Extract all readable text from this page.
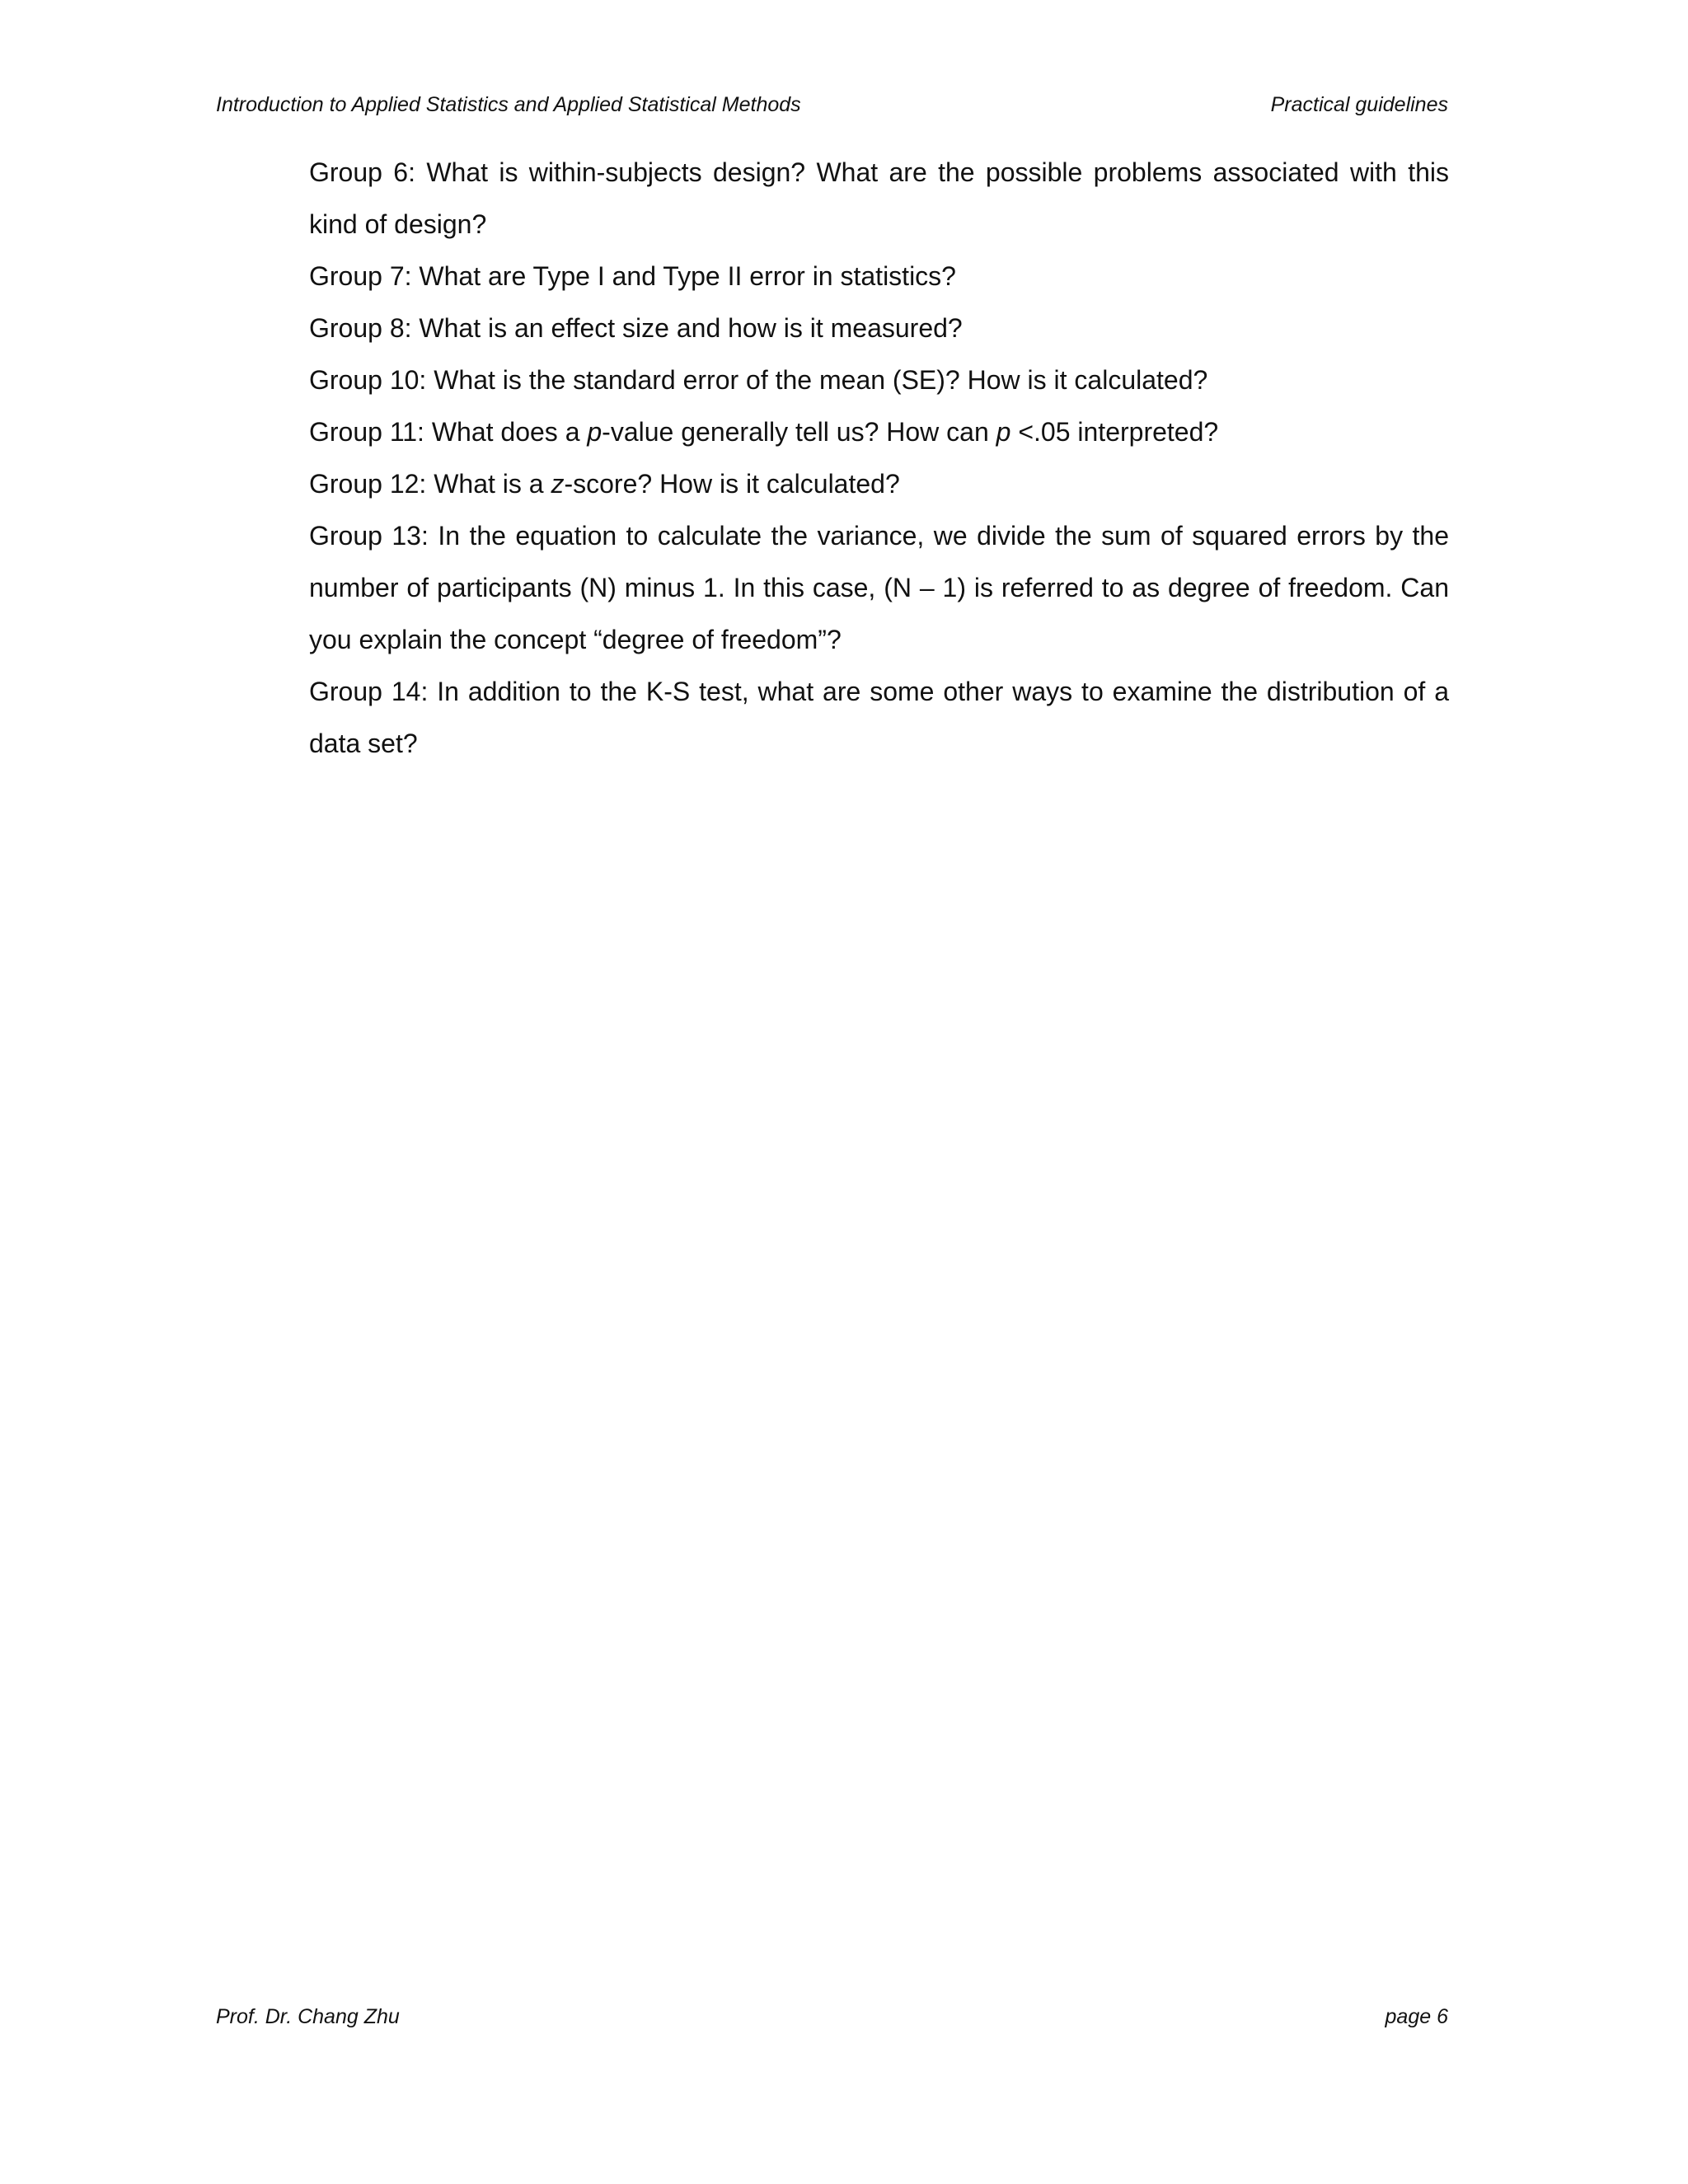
Introduction to Applied Statistics and Applied Statistical Methods	Practical guidelines

Group 6: What is within-subjects design? What are the possible problems associated with this kind of design?

Group 7: What are Type I and Type II error in statistics?

Group 8: What is an effect size and how is it measured?

Group 10: What is the standard error of the mean (SE)? How is it calculated?

Group 11: What does a p-value generally tell us? How can p <.05 interpreted?

Group 12: What is a z-score? How is it calculated?

Group 13: In the equation to calculate the variance, we divide the sum of squared errors by the number of participants (N) minus 1. In this case, (N – 1) is referred to as degree of freedom. Can you explain the concept “degree of freedom”?

Group 14: In addition to the K-S test, what are some other ways to examine the distribution of a data set?

Prof. Dr. Chang Zhu	page 6
